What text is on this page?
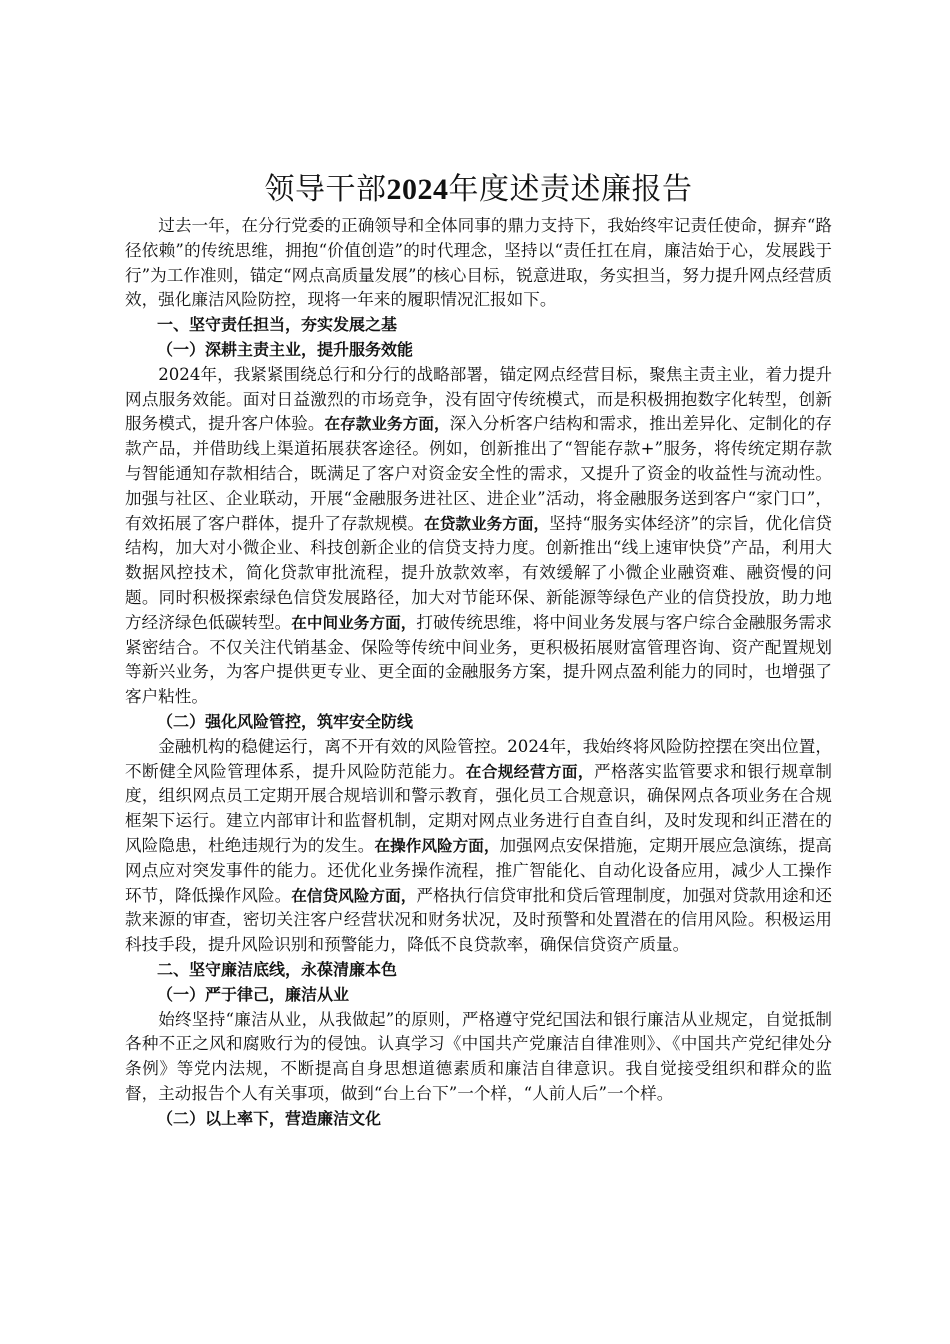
领导干部2024年度述责述廉报告

过去一年，在分行党委的正确领导和全体同事的鼎力支持下，我始终牢记责任使命，摒弃“路径依赖”的传统思维，拥抱“价值创造”的时代理念，坚持以“责任扛在肩，廉洁始于心，发展践于行”为工作准则，锚定“网点高质量发展”的核心目标，锐意进取，务实担当，努力提升网点经营质效，强化廉洁风险防控，现将一年来的履职情况汇报如下。

一、坚守责任担当，夯实发展之基
（一）深耕主责主业，提升服务效能

2024年，我紧紧围绕总行和分行的战略部署，锚定网点经营目标，聚焦主责主业，着力提升网点服务效能。面对日益激烈的市场竞争，没有固守传统模式，而是积极拥抱数字化转型，创新服务模式，提升客户体验。在存款业务方面，深入分析客户结构和需求，推出差异化、定制化的存款产品，并借助线上渠道拓展获客途径。例如，创新推出了“智能存款+”服务，将传统定期存款与智能通知存款相结合，既满足了客户对资金安全性的需求，又提升了资金的收益性与流动性。加强与社区、企业联动，开展“金融服务进社区、进企业”活动，将金融服务送到客户“家门口”，有效拓展了客户群体，提升了存款规模。在贷款业务方面，坚持“服务实体经济”的宗旨，优化信贷结构，加大对小微企业、科技创新企业的信贷支持力度。创新推出“线上速审快贷”产品，利用大数据风控技术，简化贷款审批流程，提升放款效率，有效缓解了小微企业融资难、融资慢的问题。同时积极探索绿色信贷发展路径，加大对节能环保、新能源等绿色产业的信贷投放，助力地方经济绿色低碳转型。在中间业务方面，打破传统思维，将中间业务发展与客户综合金融服务需求紧密结合。不仅关注代销基金、保险等传统中间业务，更积极拓展财富管理咨询、资产配置规划等新兴业务，为客户提供更专业、更全面的金融服务方案，提升网点盈利能力的同时，也增强了客户粘性。

（二）强化风险管控，筑牢安全防线

金融机构的稳健运行，离不开有效的风险管控。2024年，我始终将风险防控摆在突出位置，不断健全风险管理体系，提升风险防范能力。在合规经营方面，严格落实监管要求和银行规章制度，组织网点员工定期开展合规培训和警示教育，强化员工合规意识，确保网点各项业务在合规框架下运行。建立内部审计和监督机制，定期对网点业务进行自查自纠，及时发现和纠正潜在的风险隐患，杜绝违规行为的发生。在操作风险方面，加强网点安保措施，定期开展应急演练，提高网点应对突发事件的能力。还优化业务操作流程，推广智能化、自动化设备应用，减少人工操作环节，降低操作风险。在信贷风险方面，严格执行信贷审批和贷后管理制度，加强对贷款用途和还款来源的审查，密切关注客户经营状况和财务状况，及时预警和处置潜在的信用风险。积极运用科技手段，提升风险识别和预警能力，降低不良贷款率，确保信贷资产质量。

二、坚守廉洁底线，永葆清廉本色
（一）严于律己，廉洁从业

始终坚持“廉洁从业，从我做起”的原则，严格遵守党纪国法和银行廉洁从业规定，自觉抵制各种不正之风和腐败行为的侵蚀。认真学习《中国共产党廉洁自律准则》、《中国共产党纪律处分条例》等党内法规，不断提高自身思想道德素质和廉洁自律意识。我自觉接受组织和群众的监督，主动报告个人有关事项，做到“台上台下”一个样，“人前人后”一个样。

（二）以上率下，营造廉洁文化
